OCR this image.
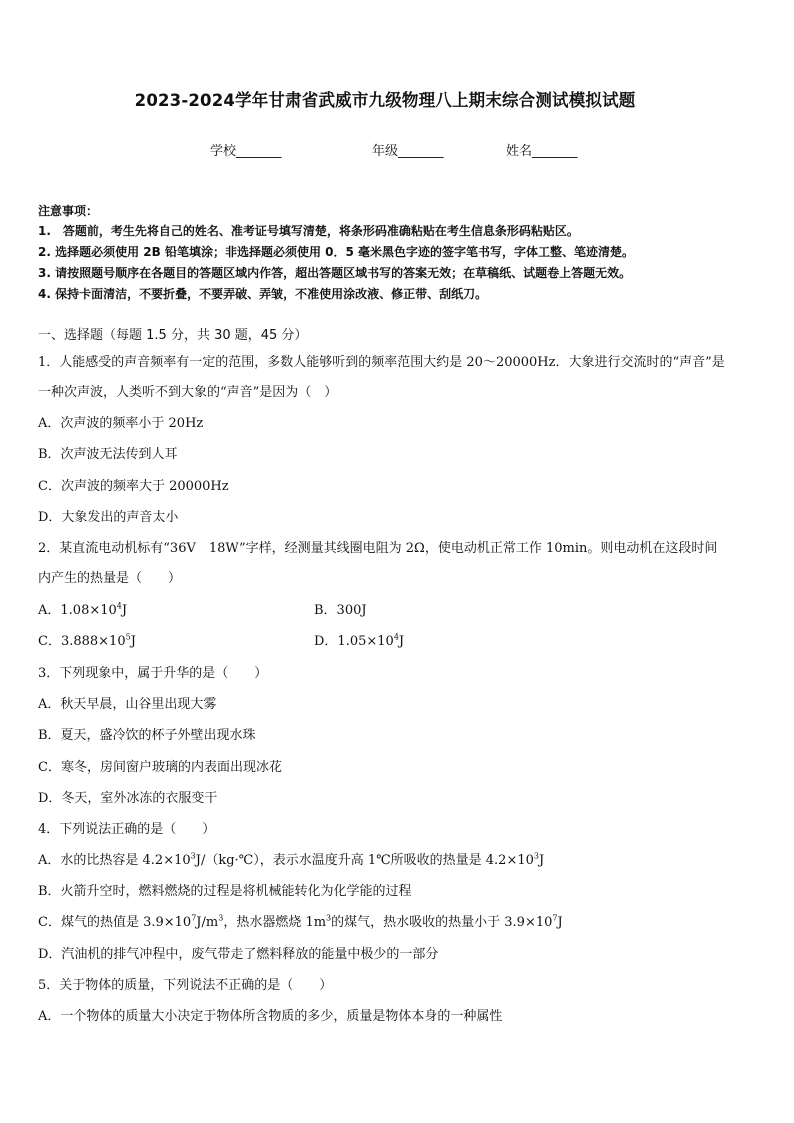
2023-2024学年甘肃省武威市九级物理八上期末综合测试模拟试题
学校_______	年级_______	姓名_______
注意事项：
1.　答题前，考生先将自己的姓名、准考证号填写清楚，将条形码准确粘贴在考生信息条形码粘贴区。
2. 选择题必须使用 2B 铅笔填涂；非选择题必须使用 0．5 毫米黑色字迹的签字笔书写，字体工整、笔迹清楚。
3. 请按照题号顺序在各题目的答题区域内作答，超出答题区域书写的答案无效；在草稿纸、试题卷上答题无效。
4. 保持卡面清洁，不要折叠，不要弄破、弄皱，不准使用涂改液、修正带、刮纸刀。
一、选择题（每题 1.5 分，共 30 题，45 分）
1．人能感受的声音频率有一定的范围，多数人能够听到的频率范围大约是 20～20000Hz．大象进行交流时的“声音”是
一种次声波，人类听不到大象的“声音”是因为（　）
A．次声波的频率小于 20Hz
B．次声波无法传到人耳
C．次声波的频率大于 20000Hz
D．大象发出的声音太小
2．某直流电动机标有“36V　18W”字样，经测量其线圈电阻为 2Ω，使电动机正常工作 10min。则电动机在这段时间
内产生的热量是（　　）
A．$1.08\times 10^4J$	B．300J
C．$3.888\times 10^5J$	D．$1.05\times 10^4J$
3．下列现象中，属于升华的是（　　）
A．秋天早晨，山谷里出现大雾
B．夏天，盛冷饮的杯子外壁出现水珠
C．寒冬，房间窗户玻璃的内表面出现冰花
D．冬天，室外冰冻的衣服变干
4．下列说法正确的是（　　）
A．水的比热容是 $4.2\times 10^3J/(kg\cdot℃)$，表示水温度升高 1℃所吸收的热量是 $4.2\times 10^3J$
B．火箭升空时，燃料燃烧的过程是将机械能转化为化学能的过程
C．煤气的热值是 $3.9\times 10^7J/m^3$，热水器燃烧 $1m^3$的煤气，热水吸收的热量小于 $3.9\times 10^7J$
D．汽油机的排气冲程中，废气带走了燃料释放的能量中极少的一部分
5．关于物体的质量，下列说法不正确的是（　　）
A．一个物体的质量大小决定于物体所含物质的多少，质量是物体本身的一种属性
